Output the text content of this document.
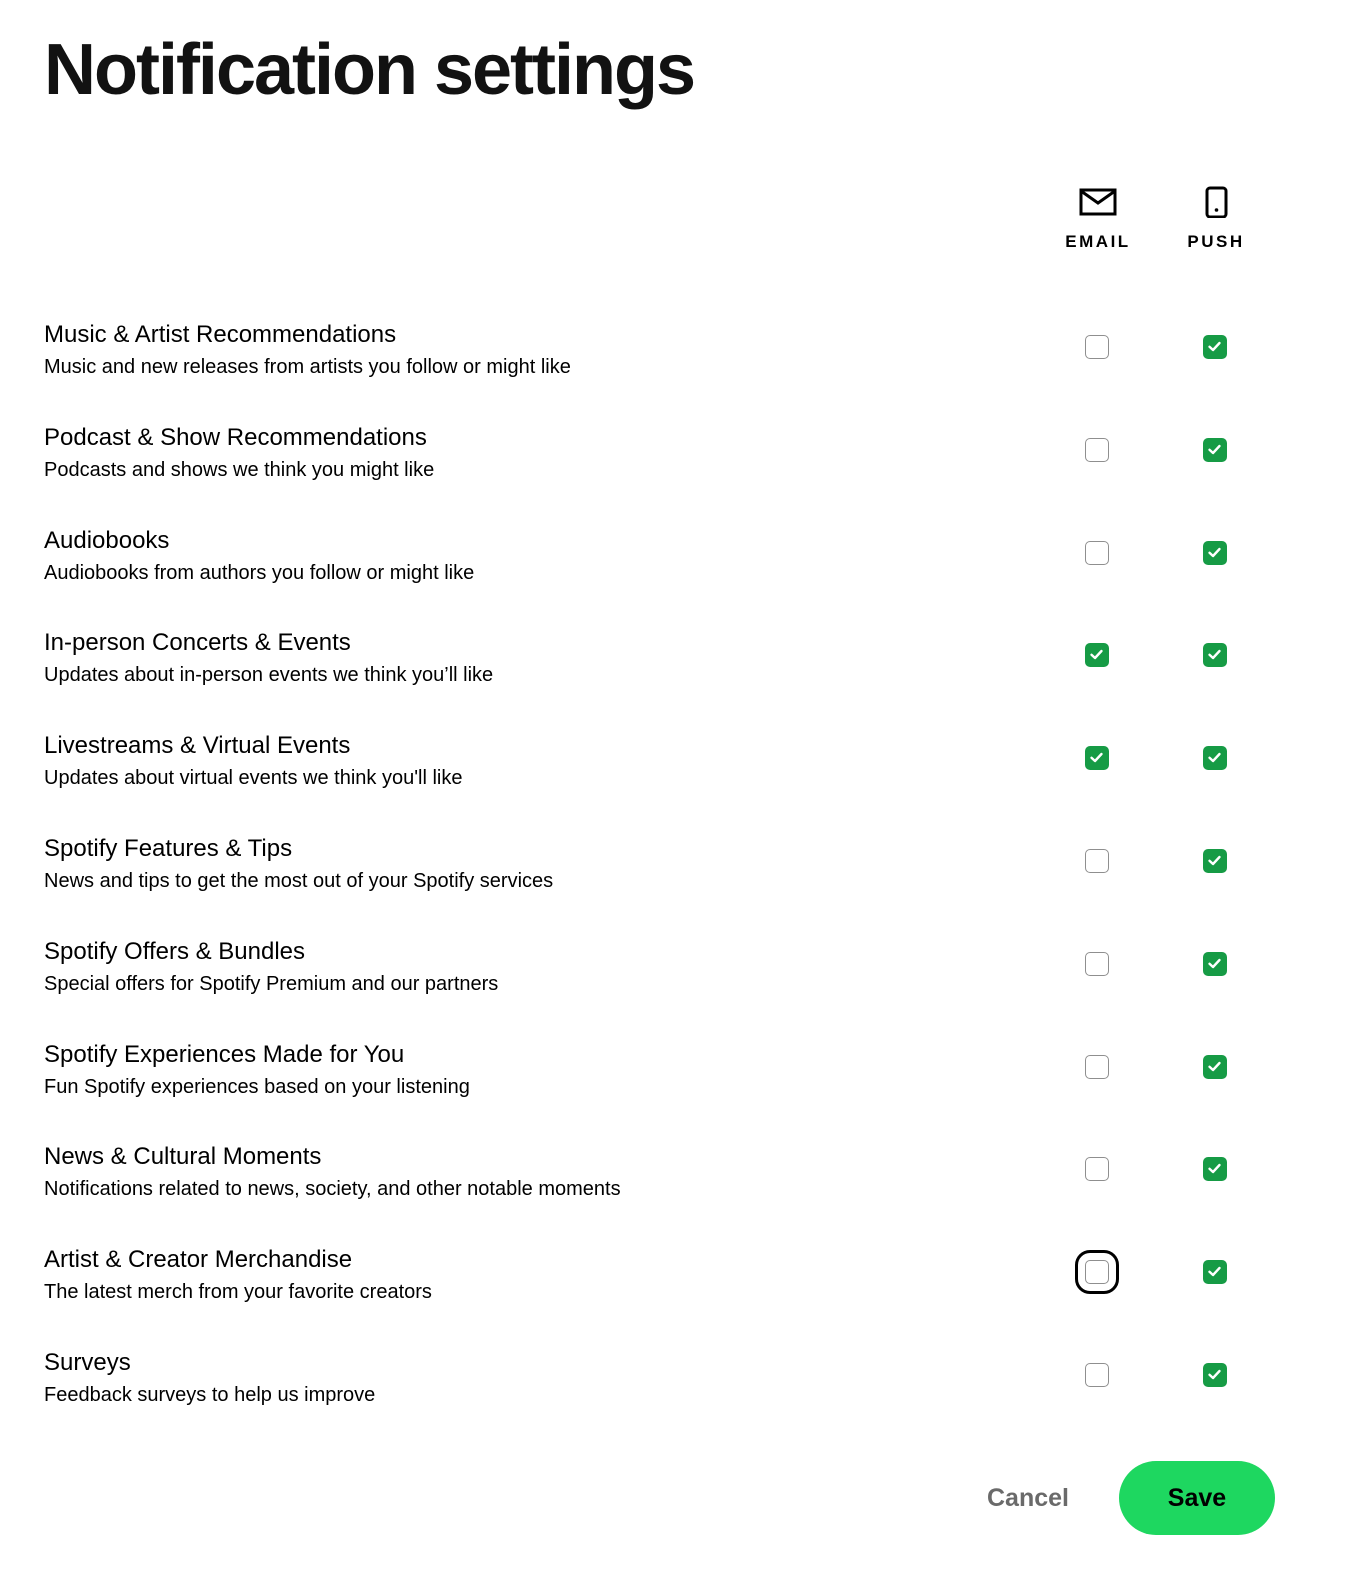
Notification settings
EMAIL	PUSH
Music & Artist Recommendations
Music and new releases from artists you follow or might like
Podcast & Show Recommendations
Podcasts and shows we think you might like
Audiobooks
Audiobooks from authors you follow or might like
In-person Concerts & Events
Updates about in-person events we think you’ll like
Livestreams & Virtual Events
Updates about virtual events we think you'll like
Spotify Features & Tips
News and tips to get the most out of your Spotify services
Spotify Offers & Bundles
Special offers for Spotify Premium and our partners
Spotify Experiences Made for You
Fun Spotify experiences based on your listening
News & Cultural Moments
Notifications related to news, society, and other notable moments
Artist & Creator Merchandise
The latest merch from your favorite creators
Surveys
Feedback surveys to help us improve
Cancel	Save
